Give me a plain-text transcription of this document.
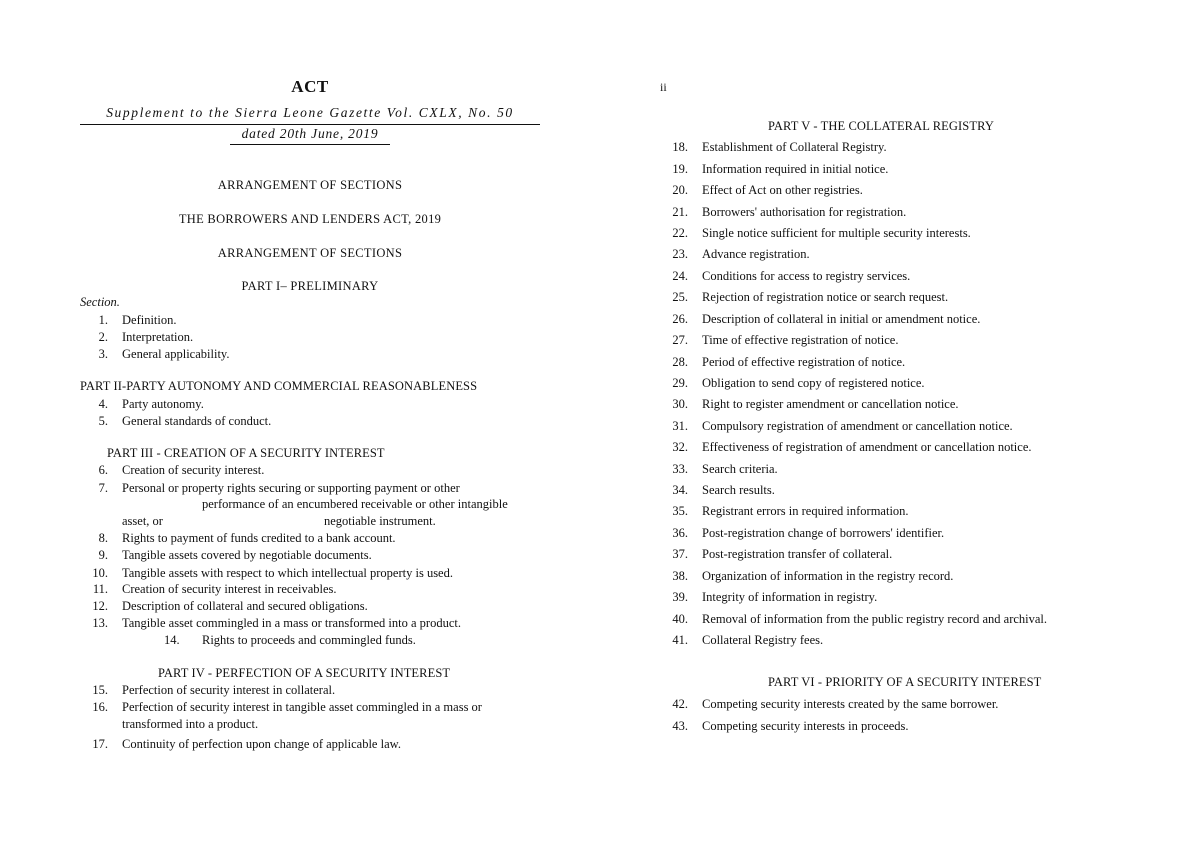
ACT
Supplement to the Sierra Leone Gazette Vol. CXLX, No. 50
dated 20th June, 2019
ARRANGEMENT OF SECTIONS
THE BORROWERS AND LENDERS ACT, 2019
ARRANGEMENT OF SECTIONS
PART I– PRELIMINARY
Section.
1. Definition.
2. Interpretation.
3. General applicability.
PART II-PARTY AUTONOMY AND COMMERCIAL REASONABLENESS
4. Party autonomy.
5. General standards of conduct.
PART III - CREATION OF A SECURITY INTEREST
6. Creation of security interest.
7. Personal or property rights securing or supporting payment or other
performance of an encumbered receivable or other intangible
asset, or	negotiable instrument.
8. Rights to payment of funds credited to a bank account.
9. Tangible assets covered by negotiable documents.
10. Tangible assets with respect to which intellectual property is used.
11. Creation of security interest in receivables.
12. Description of collateral and secured obligations.
13. Tangible asset commingled in a mass or transformed into a product.
14. Rights to proceeds and commingled funds.
PART IV - PERFECTION OF A SECURITY INTEREST
15. Perfection of security interest in collateral.
16. Perfection of security interest in tangible asset commingled in a mass or
transformed into a product.
17. Continuity of perfection upon change of applicable law.
ii
PART V - THE COLLATERAL REGISTRY
18. Establishment of Collateral Registry.
19. Information required in initial notice.
20. Effect of Act on other registries.
21. Borrowers' authorisation for registration.
22. Single notice sufficient for multiple security interests.
23. Advance registration.
24. Conditions for access to registry services.
25. Rejection of registration notice or search request.
26. Description of collateral in initial or amendment notice.
27. Time of effective registration of notice.
28. Period of effective registration of notice.
29. Obligation to send copy of registered notice.
30. Right to register amendment or cancellation notice.
31. Compulsory registration of amendment or cancellation notice.
32. Effectiveness of registration of amendment or cancellation notice.
33. Search criteria.
34. Search results.
35. Registrant errors in required information.
36. Post-registration change of borrowers' identifier.
37. Post-registration transfer of collateral.
38. Organization of information in the registry record.
39. Integrity of information in registry.
40. Removal of information from the public registry record and archival.
41. Collateral Registry fees.
PART VI - PRIORITY OF A SECURITY INTEREST
42. Competing security interests created by the same borrower.
43. Competing security interests in proceeds.
